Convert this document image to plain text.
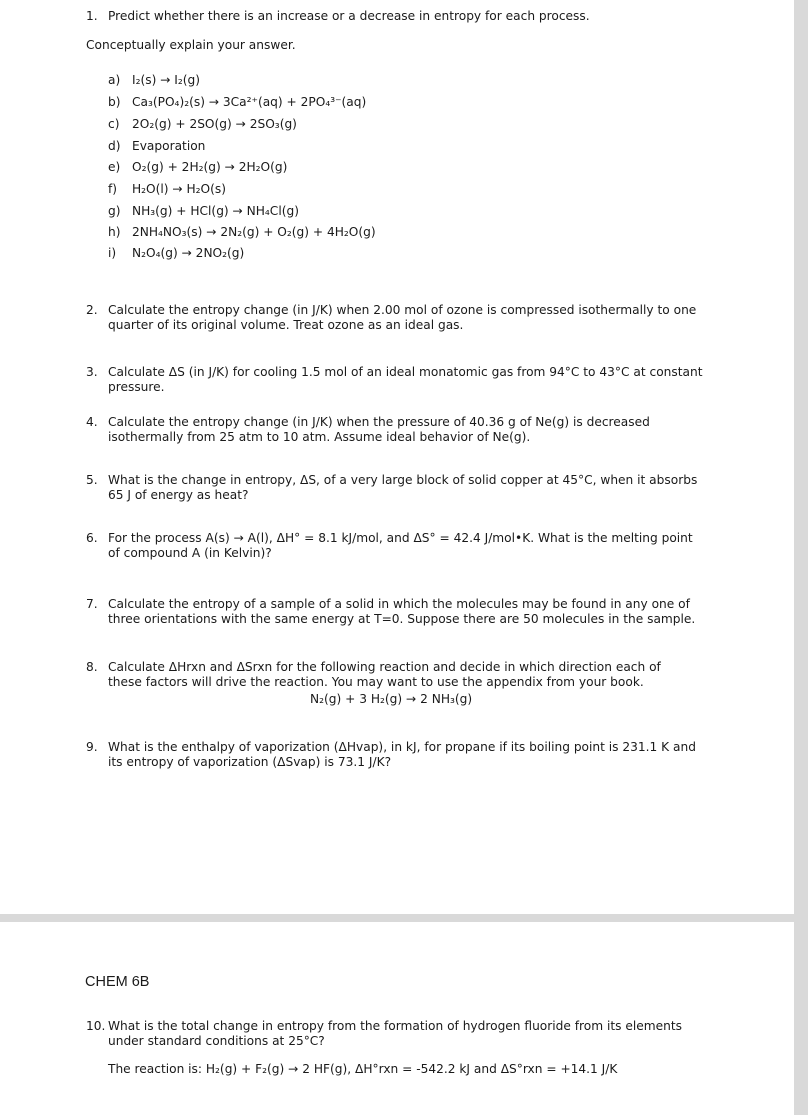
1. Predict whether there is an increase or a decrease in entropy for each process.
Conceptually explain your answer.
a) I₂(s) → I₂(g)
b) Ca₃(PO₄)₂(s) → 3Ca²⁺(aq) + 2PO₄³⁻(aq)
c) 2O₂(g) + 2SO(g) → 2SO₃(g)
d) Evaporation
e) O₂(g) + 2H₂(g) → 2H₂O(g)
f) H₂O(l) → H₂O(s)
g) NH₃(g) + HCl(g) → NH₄Cl(g)
h) 2NH₄NO₃(s) → 2N₂(g) + O₂(g) + 4H₂O(g)
i) N₂O₄(g) → 2NO₂(g)
2. Calculate the entropy change (in J/K) when 2.00 mol of ozone is compressed isothermally to one quarter of its original volume. Treat ozone as an ideal gas.
3. Calculate ΔS (in J/K) for cooling 1.5 mol of an ideal monatomic gas from 94°C to 43°C at constant pressure.
4. Calculate the entropy change (in J/K) when the pressure of 40.36 g of Ne(g) is decreased isothermally from 25 atm to 10 atm. Assume ideal behavior of Ne(g).
5. What is the change in entropy, ΔS, of a very large block of solid copper at 45°C, when it absorbs 65 J of energy as heat?
6. For the process A(s) → A(l), ΔH° = 8.1 kJ/mol, and ΔS° = 42.4 J/mol•K. What is the melting point of compound A (in Kelvin)?
7. Calculate the entropy of a sample of a solid in which the molecules may be found in any one of three orientations with the same energy at T=0. Suppose there are 50 molecules in the sample.
8. Calculate ΔHrxn and ΔSrxn for the following reaction and decide in which direction each of these factors will drive the reaction. You may want to use the appendix from your book.
N₂(g) + 3 H₂(g) → 2 NH₃(g)
9. What is the enthalpy of vaporization (ΔHvap), in kJ, for propane if its boiling point is 231.1 K and its entropy of vaporization (ΔSvap) is 73.1 J/K?
CHEM 6B
10. What is the total change in entropy from the formation of hydrogen fluoride from its elements under standard conditions at 25°C?
The reaction is: H₂(g) + F₂(g) → 2 HF(g), ΔH°rxn = -542.2 kJ and ΔS°rxn = +14.1 J/K
